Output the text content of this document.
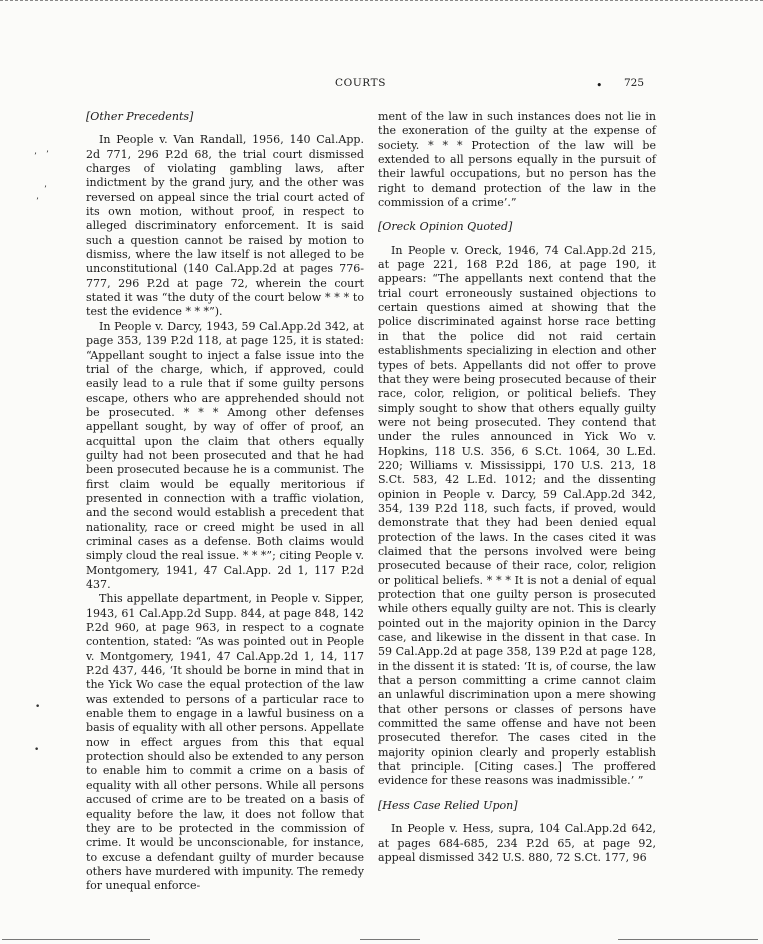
COURTS	• 725
’ ’
’
’
•
•
[Other Precedents]

In People v. Van Randall, 1956, 140 Cal.App. 2d 771, 296 P.2d 68, the trial court dismissed charges of violating gambling laws, after indictment by the grand jury, and the other was reversed on appeal since the trial court acted of its own motion, without proof, in respect to alleged discriminatory enforcement. It is said such a question cannot be raised by motion to dismiss, where the law itself is not alleged to be unconstitutional (140 Cal.App.2d at pages 776-777, 296 P.2d at page 72, wherein the court stated it was “the duty of the court below * * * to test the evidence * * *”).

In People v. Darcy, 1943, 59 Cal.App.2d 342, at page 353, 139 P.2d 118, at page 125, it is stated: “Appellant sought to inject a false issue into the trial of the charge, which, if approved, could easily lead to a rule that if some guilty persons escape, others who are apprehended should not be prosecuted. * * * Among other defenses appellant sought, by way of offer of proof, an acquittal upon the claim that others equally guilty had not been prosecuted and that he had been prosecuted because he is a communist. The first claim would be equally meritorious if presented in connection with a traffic violation, and the second would establish a precedent that nationality, race or creed might be used in all criminal cases as a defense. Both claims would simply cloud the real issue. * * *”; citing People v. Montgomery, 1941, 47 Cal.App. 2d 1, 117 P.2d 437.

This appellate department, in People v. Sipper, 1943, 61 Cal.App.2d Supp. 844, at page 848, 142 P.2d 960, at page 963, in respect to a cognate contention, stated: “As was pointed out in People v. Montgomery, 1941, 47 Cal.App.2d 1, 14, 117 P.2d 437, 446, ‘It should be borne in mind that in the Yick Wo case the equal protection of the law was extended to persons of a particular race to enable them to engage in a lawful business on a basis of equality with all other persons. Appellate now in effect argues from this that equal protection should also be extended to any person to enable him to commit a crime on a basis of equality with all other persons. While all persons accused of crime are to be treated on a basis of equality before the law, it does not follow that they are to be protected in the commission of crime. It would be unconscionable, for instance, to excuse a defendant guilty of murder because others have murdered with impunity. The remedy for unequal enforce-

ment of the law in such instances does not lie in the exoneration of the guilty at the expense of society. * * * Protection of the law will be extended to all persons equally in the pursuit of their lawful occupations, but no person has the right to demand protection of the law in the commission of a crime’.”

[Oreck Opinion Quoted]

In People v. Oreck, 1946, 74 Cal.App.2d 215, at page 221, 168 P.2d 186, at page 190, it appears: “The appellants next contend that the trial court erroneously sustained objections to certain questions aimed at showing that the police discriminated against horse race betting in that the police did not raid certain establishments specializing in election and other types of bets. Appellants did not offer to prove that they were being prosecuted because of their race, color, religion, or political beliefs. They simply sought to show that others equally guilty were not being prosecuted. They contend that under the rules announced in Yick Wo v. Hopkins, 118 U.S. 356, 6 S.Ct. 1064, 30 L.Ed. 220; Williams v. Mississippi, 170 U.S. 213, 18 S.Ct. 583, 42 L.Ed. 1012; and the dissenting opinion in People v. Darcy, 59 Cal.App.2d 342, 354, 139 P.2d 118, such facts, if proved, would demonstrate that they had been denied equal protection of the laws. In the cases cited it was claimed that the persons involved were being prosecuted because of their race, color, religion or political beliefs. * * * It is not a denial of equal protection that one guilty person is prosecuted while others equally guilty are not. This is clearly pointed out in the majority opinion in the Darcy case, and likewise in the dissent in that case. In 59 Cal.App.2d at page 358, 139 P.2d at page 128, in the dissent it is stated: ‘It is, of course, the law that a person committing a crime cannot claim an unlawful discrimination upon a mere showing that other persons or classes of persons have committed the same offense and have not been prosecuted therefor. The cases cited in the majority opinion clearly and properly establish that principle. [Citing cases.] The proffered evidence for these reasons was inadmissible.’ ”

[Hess Case Relied Upon]

In People v. Hess, supra, 104 Cal.App.2d 642, at pages 684-685, 234 P.2d 65, at page 92, appeal dismissed 342 U.S. 880, 72 S.Ct. 177, 96
